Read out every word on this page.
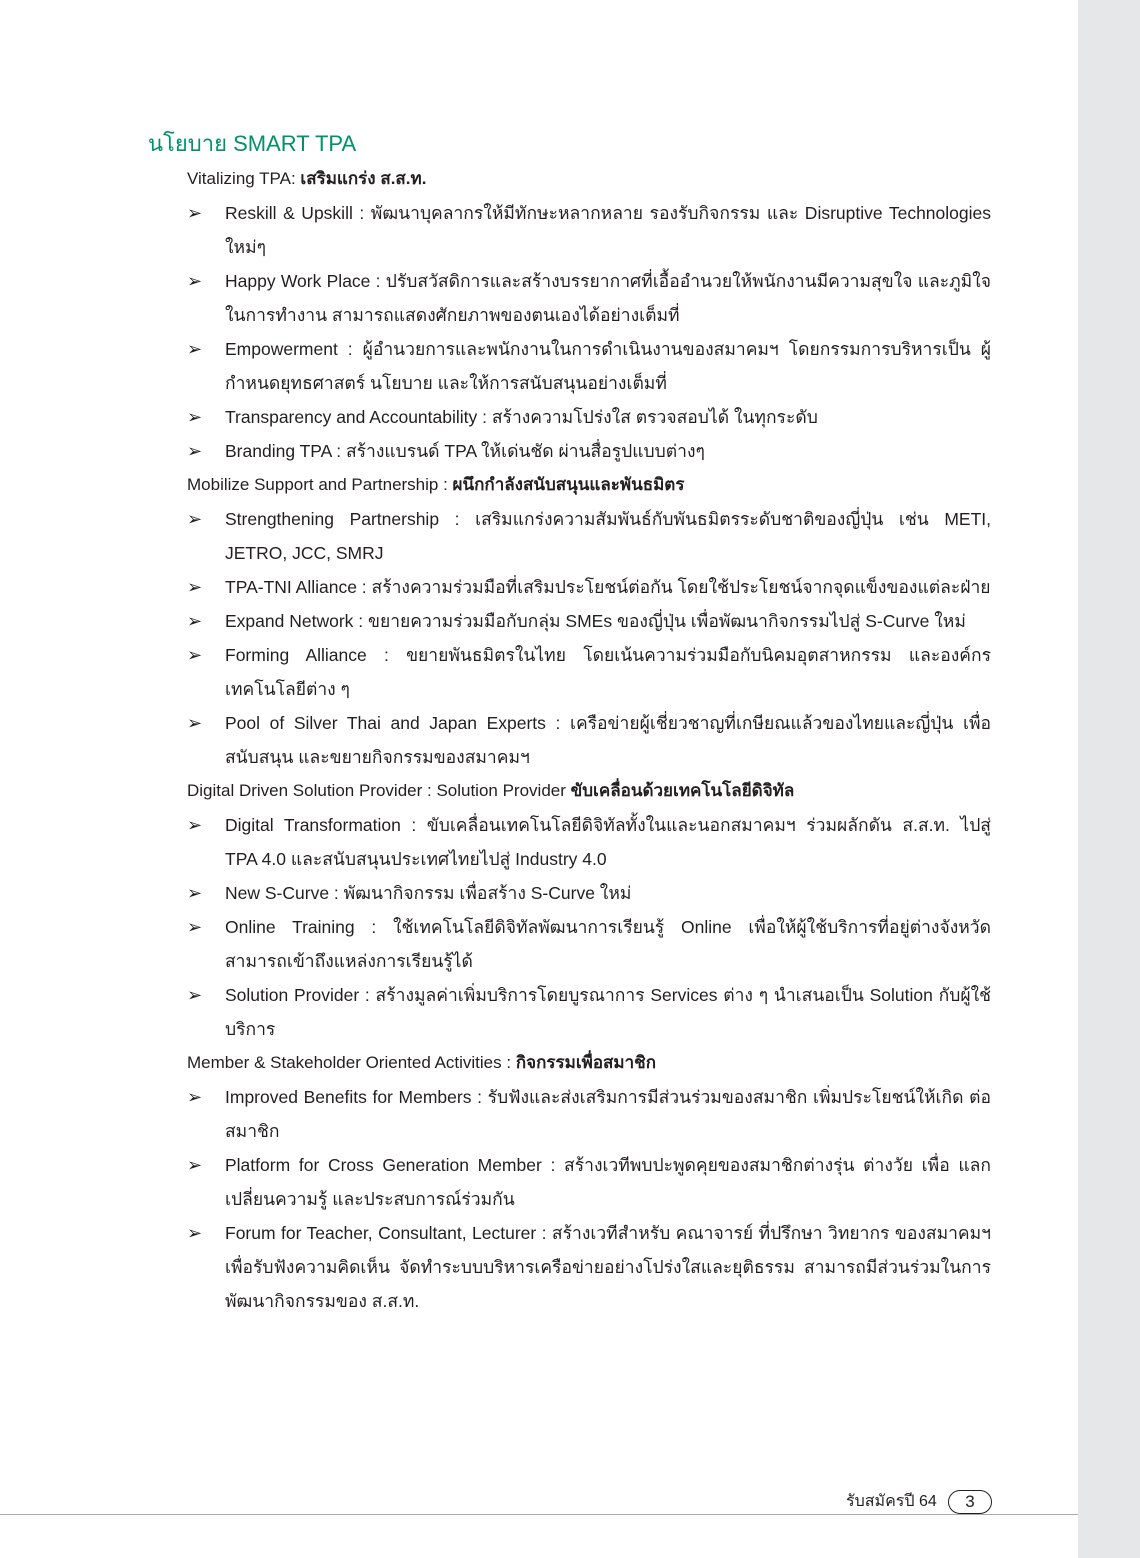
นโยบาย SMART TPA
Vitalizing TPA: เสริมแกร่ง ส.ส.ท.
➢	Reskill & Upskill : พัฒนาบุคลากรให้มีทักษะหลากหลาย รองรับกิจกรรม และ Disruptive Technologies ใหม่ๆ
➢	Happy Work Place : ปรับสวัสดิการและสร้างบรรยากาศที่เอื้ออำนวยให้พนักงานมีความสุขใจ และภูมิใจในการทำงาน สามารถแสดงศักยภาพของตนเองได้อย่างเต็มที่
➢	Empowerment : ผู้อำนวยการและพนักงานในการดำเนินงานของสมาคมฯ โดยกรรมการบริหารเป็น ผู้กำหนดยุทธศาสตร์ นโยบาย และให้การสนับสนุนอย่างเต็มที่
➢	Transparency and Accountability : สร้างความโปร่งใส ตรวจสอบได้ ในทุกระดับ
➢	Branding TPA : สร้างแบรนด์ TPA ให้เด่นชัด ผ่านสื่อรูปแบบต่างๆ
Mobilize Support and Partnership : ผนึกกำลังสนับสนุนและพันธมิตร
➢	Strengthening Partnership : เสริมแกร่งความสัมพันธ์กับพันธมิตรระดับชาติของญี่ปุ่น เช่น METI, JETRO, JCC, SMRJ
➢	TPA-TNI Alliance : สร้างความร่วมมือที่เสริมประโยชน์ต่อกัน โดยใช้ประโยชน์จากจุดแข็งของแต่ละฝ่าย
➢	Expand Network : ขยายความร่วมมือกับกลุ่ม SMEs ของญี่ปุ่น เพื่อพัฒนากิจกรรมไปสู่ S-Curve ใหม่
➢	Forming Alliance : ขยายพันธมิตรในไทย โดยเน้นความร่วมมือกับนิคมอุตสาหกรรม และองค์กร เทคโนโลยีต่าง ๆ
➢	Pool of Silver Thai and Japan Experts : เครือข่ายผู้เชี่ยวชาญที่เกษียณแล้วของไทยและญี่ปุ่น เพื่อสนับสนุน และขยายกิจกรรมของสมาคมฯ
Digital Driven Solution Provider : Solution Provider ขับเคลื่อนด้วยเทคโนโลยีดิจิทัล
➢	Digital Transformation : ขับเคลื่อนเทคโนโลยีดิจิทัลทั้งในและนอกสมาคมฯ ร่วมผลักดัน ส.ส.ท. ไปสู่ TPA 4.0 และสนับสนุนประเทศไทยไปสู่ Industry 4.0
➢	New S-Curve : พัฒนากิจกรรม เพื่อสร้าง S-Curve ใหม่
➢	Online Training : ใช้เทคโนโลยีดิจิทัลพัฒนาการเรียนรู้ Online เพื่อให้ผู้ใช้บริการที่อยู่ต่างจังหวัด สามารถเข้าถึงแหล่งการเรียนรู้ได้
➢	Solution Provider : สร้างมูลค่าเพิ่มบริการโดยบูรณาการ Services ต่าง ๆ นำเสนอเป็น Solution กับผู้ใช้บริการ
Member & Stakeholder Oriented Activities : กิจกรรมเพื่อสมาชิก
➢	Improved Benefits for Members : รับฟังและส่งเสริมการมีส่วนร่วมของสมาชิก เพิ่มประโยชน์ให้เกิด ต่อสมาชิก
➢	Platform for Cross Generation Member : สร้างเวทีพบปะพูดคุยของสมาชิกต่างรุ่น ต่างวัย เพื่อ แลกเปลี่ยนความรู้ และประสบการณ์ร่วมกัน
➢	Forum for Teacher, Consultant, Lecturer : สร้างเวทีสำหรับ คณาจารย์ ที่ปรึกษา วิทยากร ของสมาคมฯ เพื่อรับฟังความคิดเห็น จัดทำระบบบริหารเครือข่ายอย่างโปร่งใสและยุติธรรม สามารถมีส่วนร่วมในการ พัฒนากิจกรรมของ ส.ส.ท.
รับสมัครปี 64	3
